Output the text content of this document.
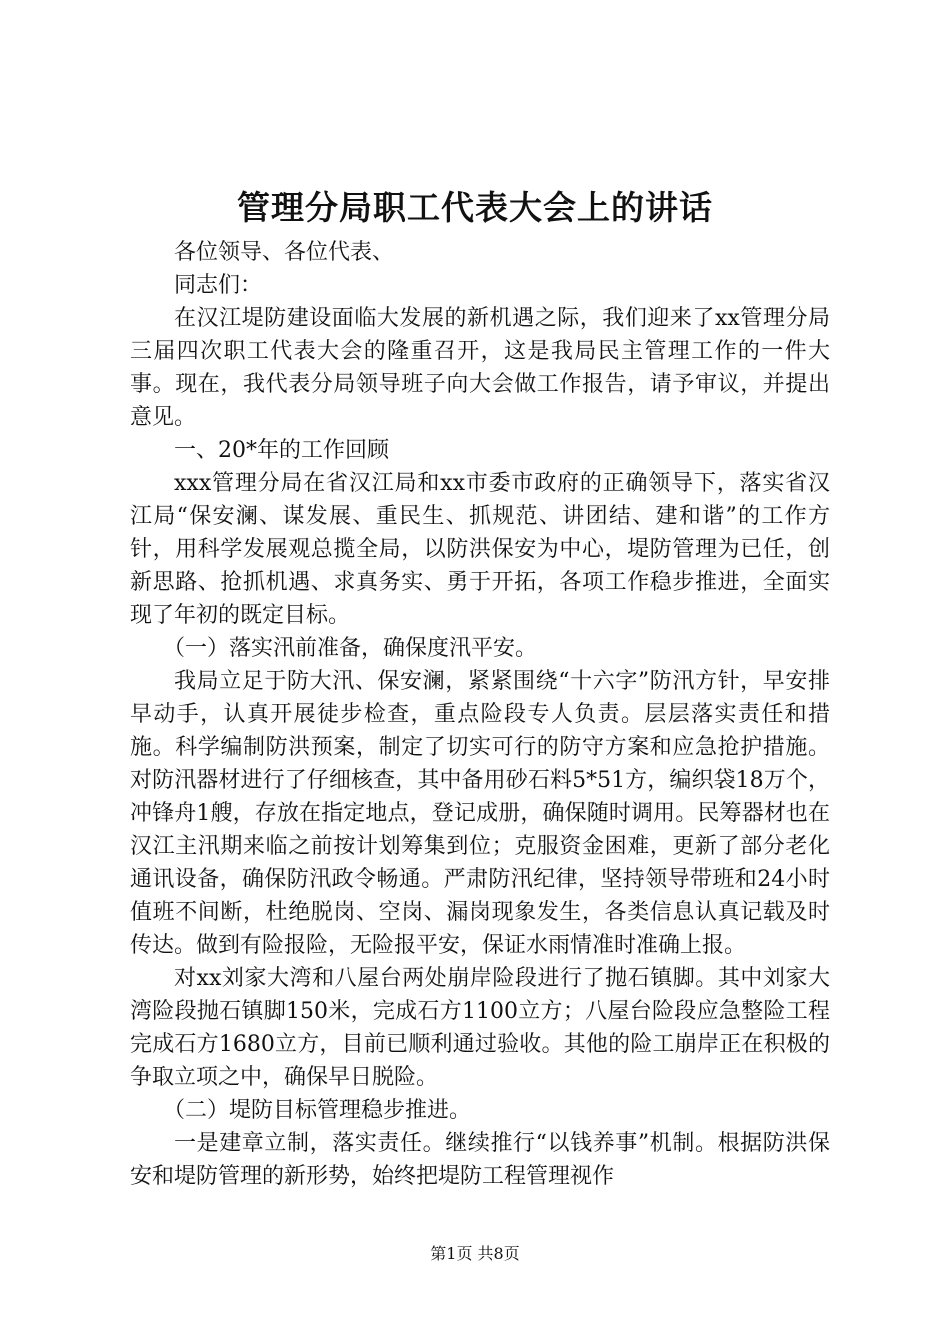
管理分局职工代表大会上的讲话

各位领导、各位代表、

同志们：

在汉江堤防建设面临大发展的新机遇之际，我们迎来了xx管理分局三届四次职工代表大会的隆重召开，这是我局民主管理工作的一件大事。现在，我代表分局领导班子向大会做工作报告，请予审议，并提出意见。

一、20*年的工作回顾

xxx管理分局在省汉江局和xx市委市政府的正确领导下，落实省汉江局“保安澜、谋发展、重民生、抓规范、讲团结、建和谐”的工作方针，用科学发展观总揽全局，以防洪保安为中心，堤防管理为已任，创新思路、抢抓机遇、求真务实、勇于开拓，各项工作稳步推进，全面实现了年初的既定目标。

（一）落实汛前准备，确保度汛平安。

我局立足于防大汛、保安澜，紧紧围绕“十六字”防汛方针，早安排早动手，认真开展徒步检查，重点险段专人负责。层层落实责任和措施。科学编制防洪预案，制定了切实可行的防守方案和应急抢护措施。对防汛器材进行了仔细核查，其中备用砂石料5*51方，编织袋18万个，冲锋舟1艘，存放在指定地点，登记成册，确保随时调用。民筹器材也在汉江主汛期来临之前按计划筹集到位；克服资金困难，更新了部分老化通讯设备，确保防汛政令畅通。严肃防汛纪律，坚持领导带班和24小时值班不间断，杜绝脱岗、空岗、漏岗现象发生，各类信息认真记载及时传达。做到有险报险，无险报平安，保证水雨情准时准确上报。

对xx刘家大湾和八屋台两处崩岸险段进行了抛石镇脚。其中刘家大湾险段抛石镇脚150米，完成石方1100立方；八屋台险段应急整险工程完成石方1680立方，目前已顺利通过验收。其他的险工崩岸正在积极的争取立项之中，确保早日脱险。

（二）堤防目标管理稳步推进。

一是建章立制，落实责任。继续推行“以钱养事”机制。根据防洪保安和堤防管理的新形势，始终把堤防工程管理视作

第1页 共8页
